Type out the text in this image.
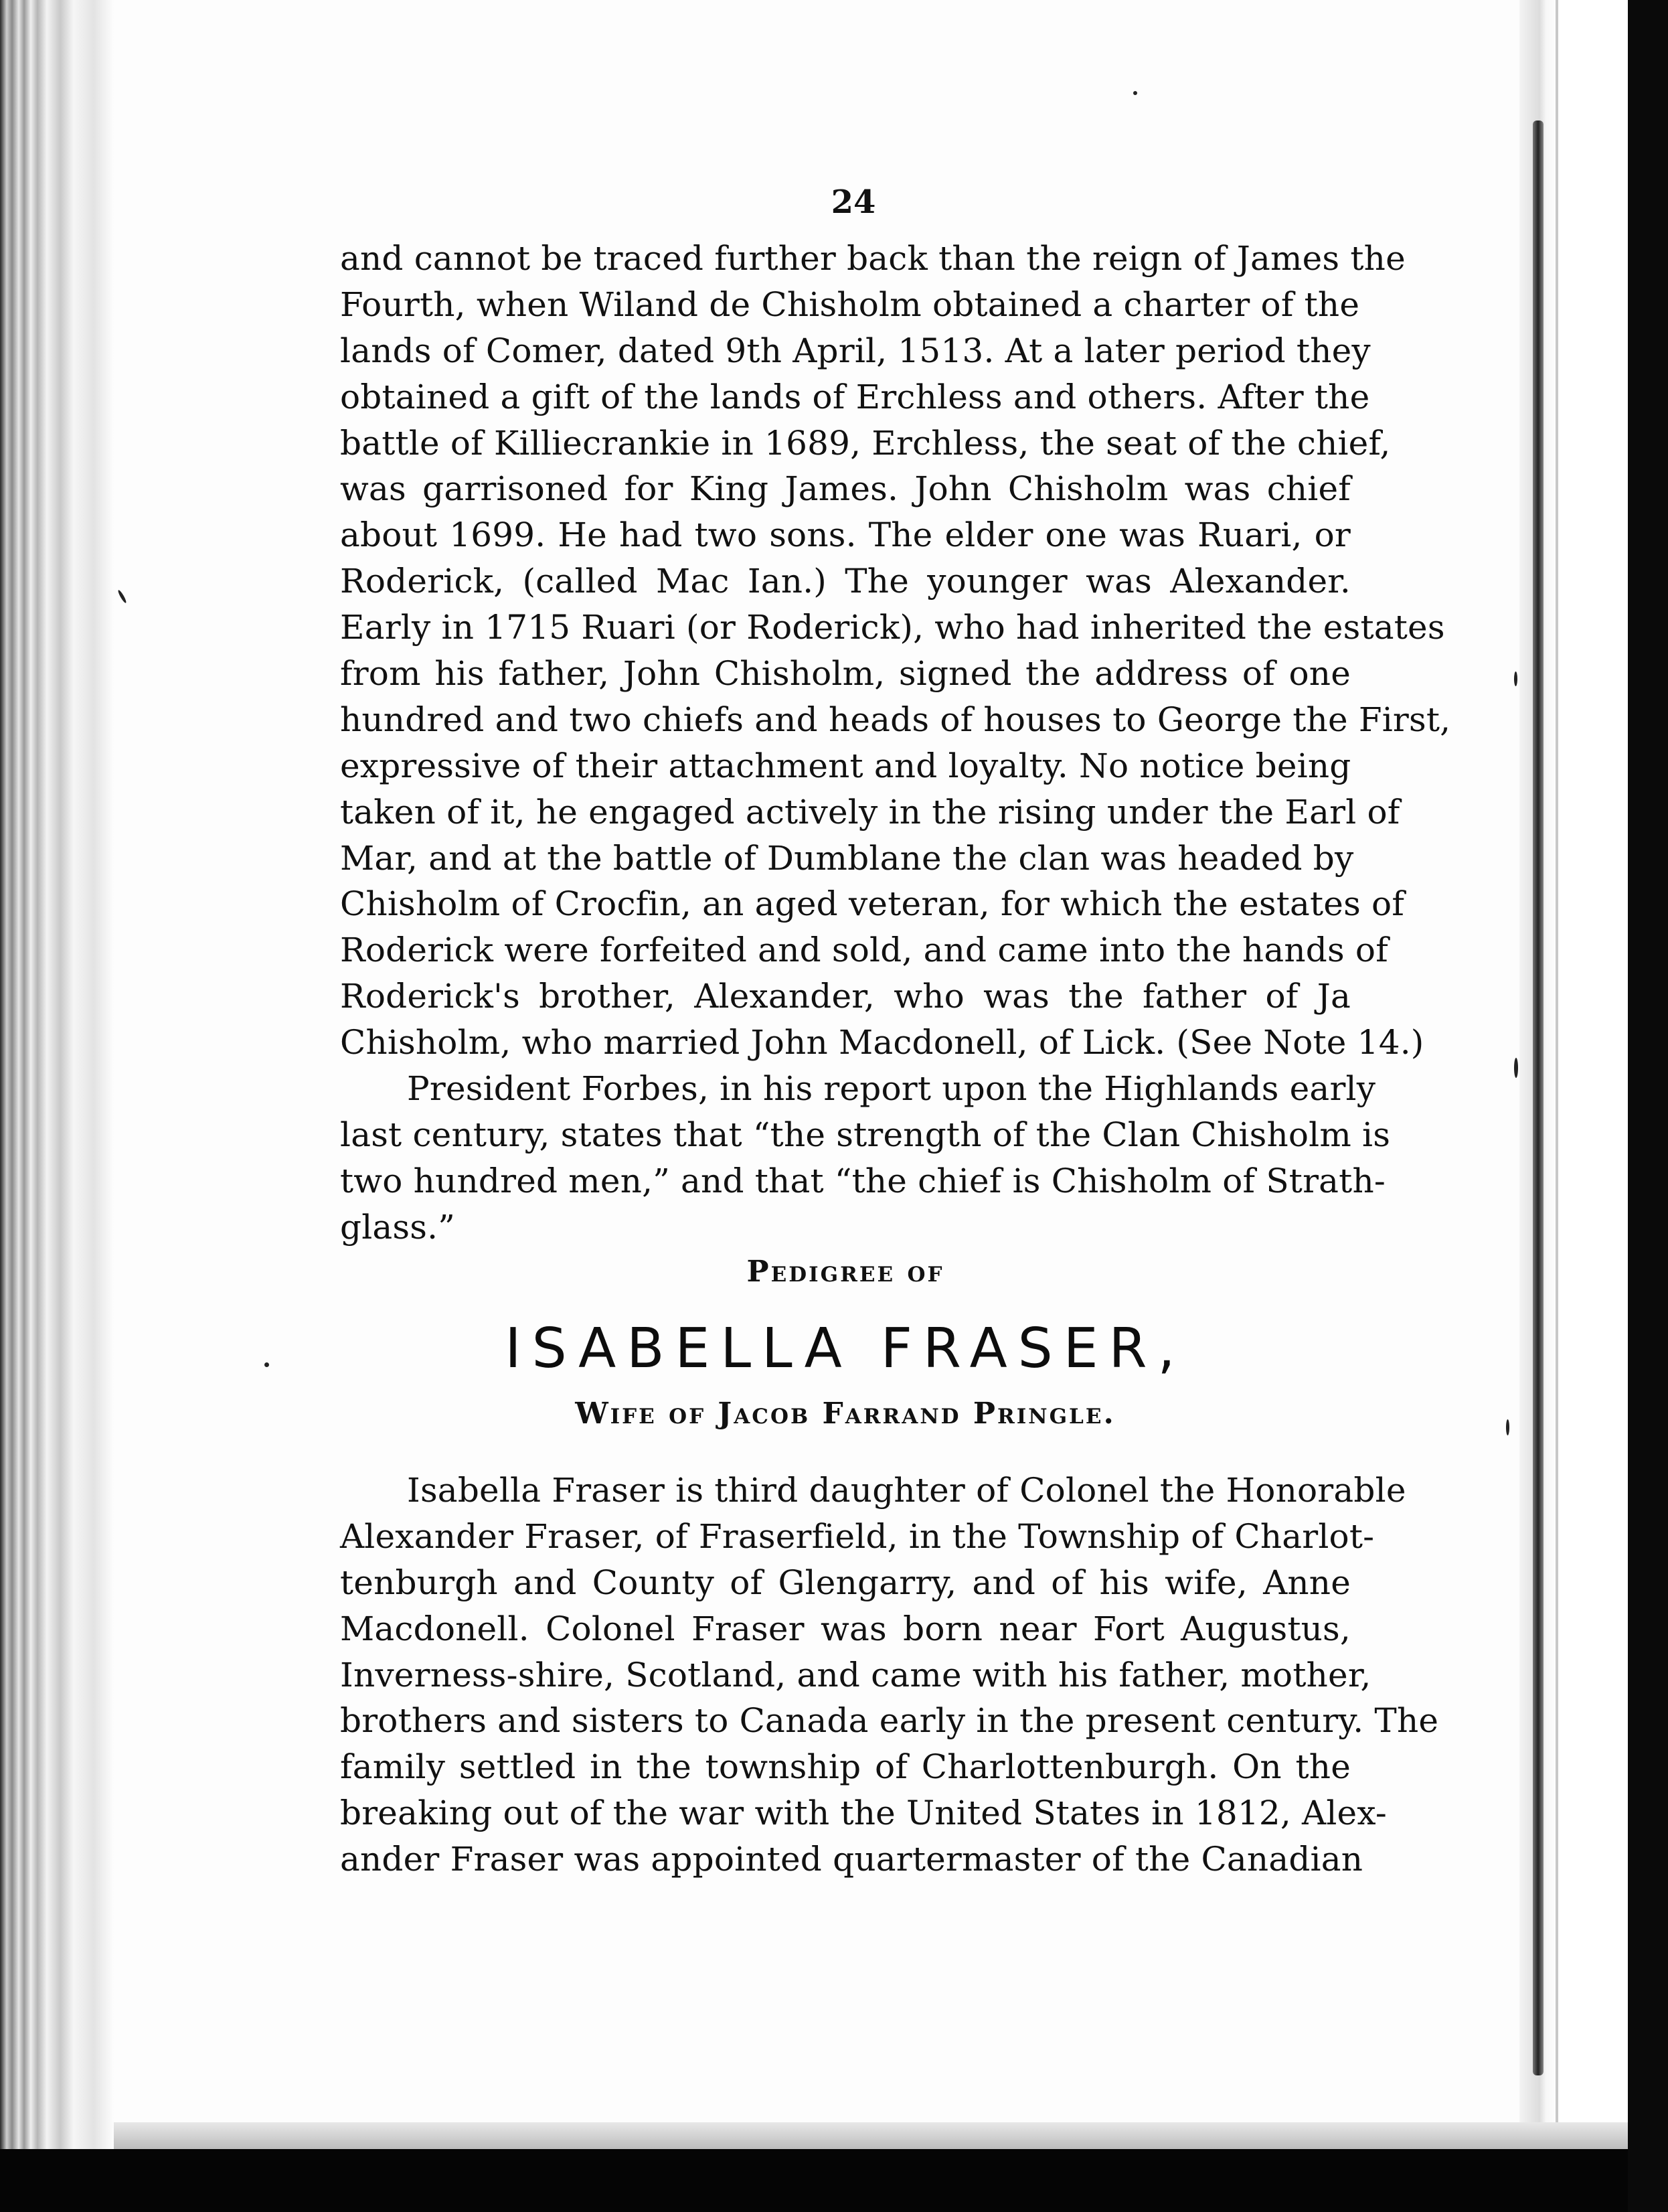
24
and cannot be traced further back than the reign of James the
Fourth, when Wiland de Chisholm obtained a charter of the
lands of Comer, dated 9th April, 1513. At a later period they
obtained a gift of the lands of Erchless and others. After the
battle of Killiecrankie in 1689, Erchless, the seat of the chief,
was garrisoned for King James. John Chisholm was chief
about 1699. He had two sons. The elder one was Ruari, or
Roderick, (called Mac Ian.) The younger was Alexander.
Early in 1715 Ruari (or Roderick), who had inherited the estates
from his father, John Chisholm, signed the address of one
hundred and two chiefs and heads of houses to George the First,
expressive of their attachment and loyalty. No notice being
taken of it, he engaged actively in the rising under the Earl of
Mar, and at the battle of Dumblane the clan was headed by
Chisholm of Crocfin, an aged veteran, for which the estates of
Roderick were forfeited and sold, and came into the hands of
Roderick's brother, Alexander, who was the father of Ja
Chisholm, who married John Macdonell, of Lick. (See Note 14.)
President Forbes, in his report upon the Highlands early
last century, states that “the strength of the Clan Chisholm is
two hundred men,” and that “the chief is Chisholm of Strath-
glass.”
Pedigree of
ISABELLA FRASER,
Wife of Jacob Farrand Pringle.
Isabella Fraser is third daughter of Colonel the Honorable
Alexander Fraser, of Fraserfield, in the Township of Charlot-
tenburgh and County of Glengarry, and of his wife, Anne
Macdonell. Colonel Fraser was born near Fort Augustus,
Inverness-shire, Scotland, and came with his father, mother,
brothers and sisters to Canada early in the present century. The
family settled in the township of Charlottenburgh. On the
breaking out of the war with the United States in 1812, Alex-
ander Fraser was appointed quartermaster of the Canadian
